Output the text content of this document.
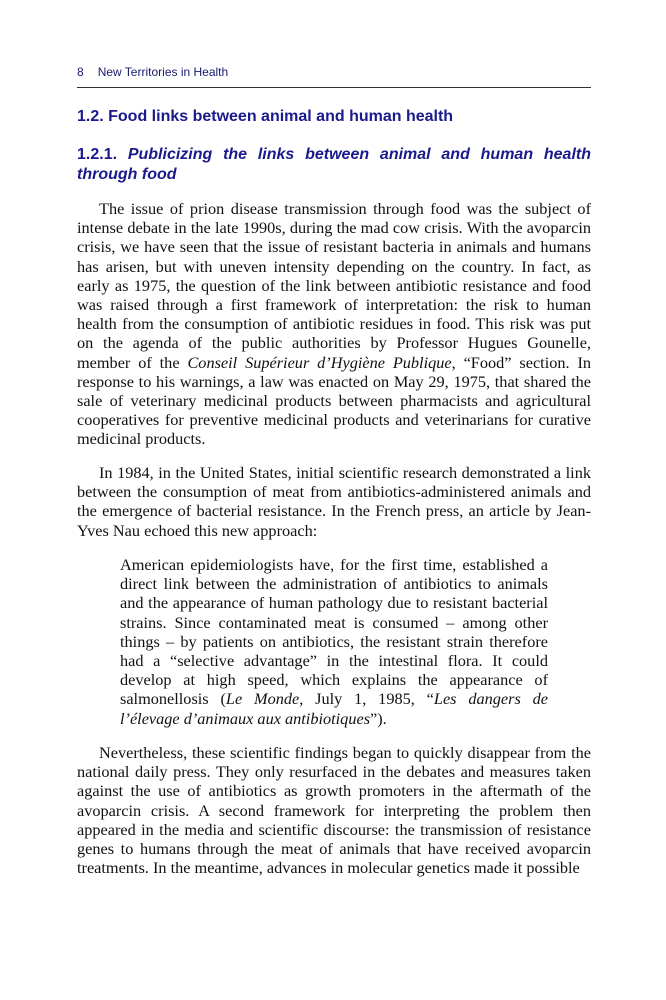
8 New Territories in Health
1.2. Food links between animal and human health
1.2.1. Publicizing the links between animal and human health through food

The issue of prion disease transmission through food was the subject of intense debate in the late 1990s, during the mad cow crisis. With the avoparcin crisis, we have seen that the issue of resistant bacteria in animals and humans has arisen, but with uneven intensity depending on the country. In fact, as early as 1975, the question of the link between antibiotic resistance and food was raised through a first framework of interpretation: the risk to human health from the consumption of antibiotic residues in food. This risk was put on the agenda of the public authorities by Professor Hugues Gounelle, member of the Conseil Supérieur d’Hygiène Publique, “Food” section. In response to his warnings, a law was enacted on May 29, 1975, that shared the sale of veterinary medicinal products between pharmacists and agricultural cooperatives for preventive medicinal products and veterinarians for curative medicinal products.

In 1984, in the United States, initial scientific research demonstrated a link between the consumption of meat from antibiotics-administered animals and the emergence of bacterial resistance. In the French press, an article by Jean-Yves Nau echoed this new approach:

American epidemiologists have, for the first time, established a direct link between the administration of antibiotics to animals and the appearance of human pathology due to resistant bacterial strains. Since contaminated meat is consumed – among other things – by patients on antibiotics, the resistant strain therefore had a “selective advantage” in the intestinal flora. It could develop at high speed, which explains the appearance of salmonellosis (Le Monde, July 1, 1985, “Les dangers de l’élevage d’animaux aux antibiotiques”).

Nevertheless, these scientific findings began to quickly disappear from the national daily press. They only resurfaced in the debates and measures taken against the use of antibiotics as growth promoters in the aftermath of the avoparcin crisis. A second framework for interpreting the problem then appeared in the media and scientific discourse: the transmission of resistance genes to humans through the meat of animals that have received avoparcin treatments. In the meantime, advances in molecular genetics made it possible
